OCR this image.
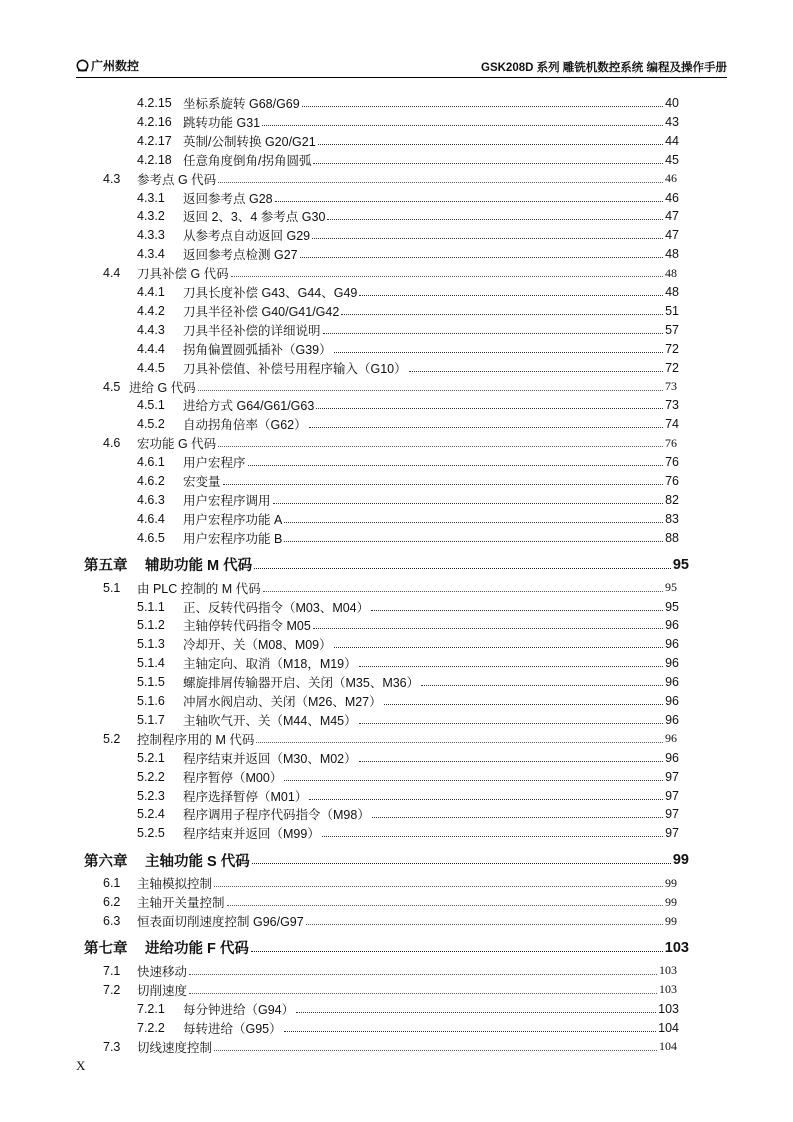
广州数控	GSK208D 系列 雕铣机数控系统 编程及操作手册
4.2.15 坐标系旋转 G68/G69	40
4.2.16 跳转功能 G31	43
4.2.17 英制/公制转换 G20/G21	44
4.2.18 任意角度倒角/拐角圆弧	45
4.3 参考点 G 代码	46
4.3.1 返回参考点 G28	46
4.3.2 返回 2、3、4 参考点 G30	47
4.3.3 从参考点自动返回 G29	47
4.3.4 返回参考点检测 G27	48
4.4 刀具补偿 G 代码	48
4.4.1 刀具长度补偿 G43、G44、G49	48
4.4.2 刀具半径补偿 G40/G41/G42	51
4.4.3 刀具半径补偿的详细说明	57
4.4.4 拐角偏置圆弧插补（G39）	72
4.4.5 刀具补偿值、补偿号用程序输入（G10）	72
4.5 进给 G 代码	73
4.5.1 进给方式 G64/G61/G63	73
4.5.2 自动拐角倍率（G62）	74
4.6 宏功能 G 代码	76
4.6.1 用户宏程序	76
4.6.2 宏变量	76
4.6.3 用户宏程序调用	82
4.6.4 用户宏程序功能 A	83
4.6.5 用户宏程序功能 B	88
第五章 辅助功能 M 代码	95
5.1 由 PLC 控制的 M 代码	95
5.1.1 正、反转代码指令（M03、M04）	95
5.1.2 主轴停转代码指令 M05	96
5.1.3 冷却开、关（M08、M09）	96
5.1.4 主轴定向、取消（M18，M19）	96
5.1.5 螺旋排屑传输器开启、关闭（M35、M36）	96
5.1.6 冲屑水阀启动、关闭（M26、M27）	96
5.1.7 主轴吹气开、关（M44、M45）	96
5.2 控制程序用的 M 代码	96
5.2.1 程序结束并返回（M30、M02）	96
5.2.2 程序暂停（M00）	97
5.2.3 程序选择暂停（M01）	97
5.2.4 程序调用子程序代码指令（M98）	97
5.2.5 程序结束并返回（M99）	97
第六章 主轴功能 S 代码	99
6.1 主轴模拟控制	99
6.2 主轴开关量控制	99
6.3 恒表面切削速度控制 G96/G97	99
第七章 进给功能 F 代码	103
7.1 快速移动	103
7.2 切削速度	103
7.2.1 每分钟进给（G94）	103
7.2.2 每转进给（G95）	104
7.3 切线速度控制	104
X
